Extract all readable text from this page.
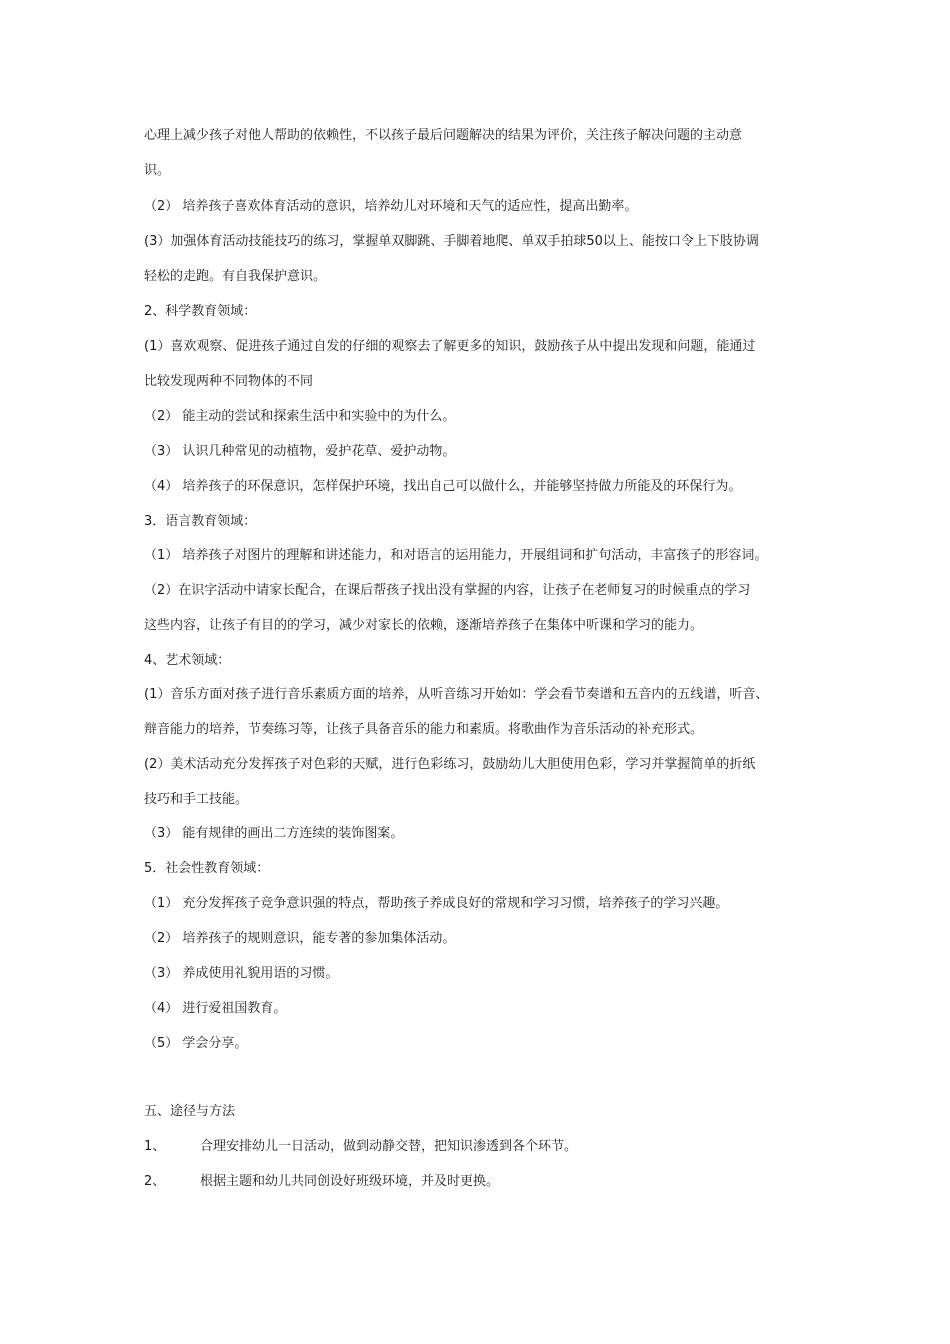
心理上减少孩子对他人帮助的依赖性，不以孩子最后问题解决的结果为评价，关注孩子解决问题的主动意
识。
（2） 培养孩子喜欢体育活动的意识，培养幼儿对环境和天气的适应性，提高出勤率。
(3）加强体育活动技能技巧的练习，掌握单双脚跳、手脚着地爬、单双手拍球50以上、能按口令上下肢协调
轻松的走跑。有自我保护意识。
2、科学教育领域：
(1）喜欢观察、促进孩子通过自发的仔细的观察去了解更多的知识，鼓励孩子从中提出发现和问题，能通过
比较发现两种不同物体的不同
（2） 能主动的尝试和探索生活中和实验中的为什么。
（3） 认识几种常见的动植物，爱护花草、爱护动物。
（4） 培养孩子的环保意识，怎样保护环境，找出自己可以做什么，并能够坚持做力所能及的环保行为。
3．语言教育领域：
（1） 培养孩子对图片的理解和讲述能力，和对语言的运用能力，开展组词和扩句活动，丰富孩子的形容词。
（2）在识字活动中请家长配合，在课后帮孩子找出没有掌握的内容，让孩子在老师复习的时候重点的学习
这些内容，让孩子有目的的学习，减少对家长的依赖，逐渐培养孩子在集体中听课和学习的能力。
4、艺术领域：
(1）音乐方面对孩子进行音乐素质方面的培养，从听音练习开始如：学会看节奏谱和五音内的五线谱，听音、
辩音能力的培养，节奏练习等，让孩子具备音乐的能力和素质。将歌曲作为音乐活动的补充形式。
(2）美术活动充分发挥孩子对色彩的天赋，进行色彩练习，鼓励幼儿大胆使用色彩，学习并掌握简单的折纸
技巧和手工技能。
（3） 能有规律的画出二方连续的装饰图案。
5．社会性教育领域：
（1） 充分发挥孩子竞争意识强的特点，帮助孩子养成良好的常规和学习习惯，培养孩子的学习兴趣。
（2） 培养孩子的规则意识，能专著的参加集体活动。
（3） 养成使用礼貌用语的习惯。
（4） 进行爱祖国教育。
（5） 学会分享。
五、途径与方法
1、	合理安排幼儿一日活动，做到动静交替，把知识渗透到各个环节。
2、	根据主题和幼儿共同创设好班级环境，并及时更换。
